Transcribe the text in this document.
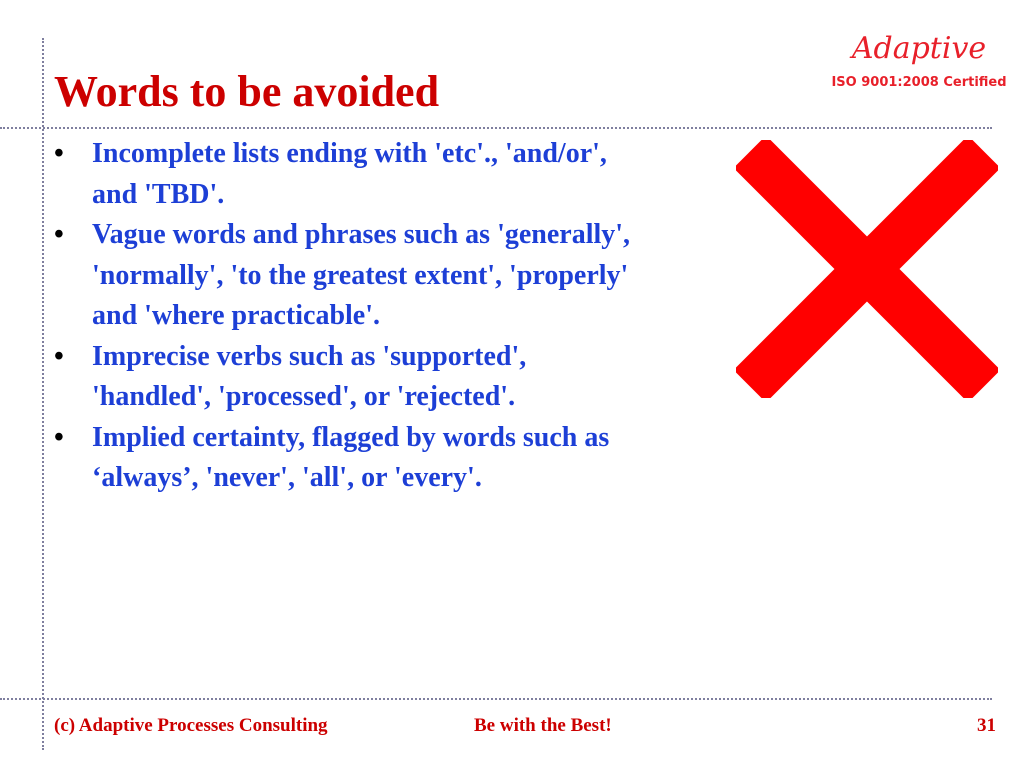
Words to be avoided
Adaptive
ISO 9001:2008 Certified
• Incomplete lists ending with 'etc'., 'and/or', and 'TBD'.
• Vague words and phrases such as 'generally', 'normally', 'to the greatest extent', 'properly' and 'where practicable'.
• Imprecise verbs such as 'supported', 'handled', 'processed', or 'rejected'.
• Implied certainty, flagged by words such as ‘always’, 'never', 'all', or 'every'.
(c) Adaptive Processes Consulting	Be with the Best!	31
